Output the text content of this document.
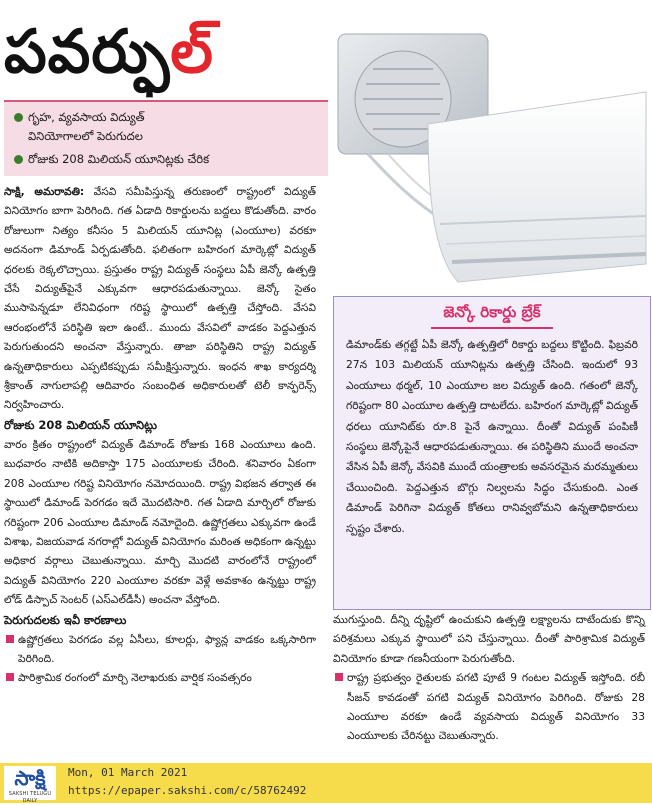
పవర్ఫుల్
గృహ, వ్యవసాయ విద్యుత్
వినియోగాలలో పెరుగుదల
రోజుకు 208 మిలియన్ యూనిట్లకు చేరిక

సాక్షి, అమరావతి: వేసవి సమీపిస్తున్న తరుణంలో రాష్ట్రంలో విద్యుత్ వినియోగం బాగా పెరిగింది. గత ఏడాది రికార్డులను బద్దలు కొడుతోంది. వారం రోజులుగా నిత్యం కనీసం 5 మిలియన్ యూనిట్ల (ఎంయూల) వరకూ అదనంగా డిమాండ్ ఏర్పడుతోంది. ఫలితంగా బహిరంగ మార్కెట్లో విద్యుత్ ధరలకు రెక్కలొచ్చాయి. ప్రస్తుతం రాష్ట్ర విద్యుత్ సంస్థలు ఏపీ జెన్కో ఉత్పత్తి చేసే విద్యుత్‌పైనే ఎక్కువగా ఆధారపడుతున్నాయి. జెన్కో సైతం ముసాపెన్నడూ లేనివిధంగా గరిష్ట స్థాయిలో ఉత్పత్తి చేస్తోంది. వేసవి ఆరంభంలోనే పరిస్థితి ఇలా ఉంటే.. ముందు వేసవిలో వాడకం పెద్దఎత్తున పెరుగుతుందని అంచనా వేస్తున్నారు. తాజా పరిస్థితిని రాష్ట్ర విద్యుత్ ఉన్నతాధికారులు ఎప్పటికప్పుడు సమీక్షిస్తున్నారు. ఇంధన శాఖ కార్యదర్శి శ్రీకాంత్ నాగులాపల్లి ఆదివారం సంబంధిత అధికారులతో టెలీ కాన్ఫరెన్స్ నిర్వహించారు.

రోజుకు 208 మిలియన్ యూనిట్లు

వారం క్రితం రాష్ట్రంలో విద్యుత్ డిమాండ్ రోజుకు 168 ఎంయూలు ఉంది. బుధవారం నాటికి అదికాస్తా 175 ఎంయూలకు చేరింది. శనివారం ఏకంగా 208 ఎంయూల గరిష్ట వినియోగం నమోదయింది. రాష్ట్ర విభజన తర్వాత ఈ స్థాయిలో డిమాండ్ పెరగడం ఇదే మొదటిసారి. గత ఏడాది మార్చిలో రోజుకు గరిష్టంగా 206 ఎంయూల డిమాండ్ నమోదైంది. ఉష్ణోగ్రతలు ఎక్కువగా ఉండే విశాఖ, విజయవాడ నగరాల్లో విద్యుత్ వినియోగం మరింత అధికంగా ఉన్నట్టు అధికార వర్గాలు చెబుతున్నాయి. మార్చి మొదటి వారంలోనే రాష్ట్రంలో విద్యుత్ వినియోగం 220 ఎంయూల వరకూ వెళ్లే అవకాశం ఉన్నట్టు రాష్ట్ర లోడ్ డిస్పాచ్ సెంటర్ (ఎస్ఎల్‌డీసీ) అంచనా వేస్తోంది.

పెరుగుదలకు ఇవీ కారణాలు

ఉష్ణోగ్రతలు పెరగడం వల్ల ఏసీలు, కూలర్లు, ఫ్యాన్ల వాడకం ఒక్కసారిగా పెరిగింది.

పారిశ్రామిక రంగంలో మార్చి నెలాఖరుకు వార్షిక సంవత్సరం

జెన్కో రికార్డు బ్రేక్
డిమాండ్‌కు తగ్గట్టే ఏపీ జెన్కో ఉత్పత్తిలో రికార్డు బద్దలు కొట్టింది. ఫిబ్రవరి 27న 103 మిలియన్ యూనిట్లను ఉత్పత్తి చేసింది. ఇందులో 93 ఎంయూలు థర్మల్, 10 ఎంయూల జల విద్యుత్ ఉంది. గతంలో జెన్కో గరిష్టంగా 80 ఎంయూల ఉత్పత్తి దాటలేదు. బహిరంగ మార్కెట్లో విద్యుత్ ధరలు యూనిట్‌కు రూ.8 పైనే ఉన్నాయి. దీంతో విద్యుత్ పంపిణీ సంస్థలు జెన్కోపైనే ఆధారపడుతున్నాయి. ఈ పరిస్థితిని ముందే అంచనా వేసిన ఏపీ జెన్కో వేసవికి ముందే యంత్రాలకు అవసరమైన మరమ్మతులు చేయించింది. పెద్దఎత్తున బొగ్గు నిల్వలను సిద్ధం చేసుకుంది. ఎంత డిమాండ్ పెరిగినా విద్యుత్ కోతలు రానివ్వబోమని ఉన్నతాధికారులు స్పష్టం చేశారు.

ముగుస్తుంది. దీన్ని దృష్టిలో ఉంచుకుని ఉత్పత్తి లక్ష్యాలను దాటేందుకు కొన్ని పరిశ్రమలు ఎక్కువ స్థాయిలో పని చేస్తున్నాయి. దీంతో పారిశ్రామిక విద్యుత్ వినియోగం కూడా గణనీయంగా పెరుగుతోంది.

రాష్ట్ర ప్రభుత్వం రైతులకు పగటి పూటే 9 గంటల విద్యుత్ ఇస్తోంది. రబీ సీజన్ కావడంతో పగటి విద్యుత్ వినియోగం పెరిగింది. రోజుకు 28 ఎంయూల వరకూ ఉండే వ్యవసాయ విద్యుత్ వినియోగం 33 ఎంయూలకు చేరినట్టు చెబుతున్నారు.

సాక్షి
SAKSHI TELUGU DAILY
Mon, 01 March 2021
https://epaper.sakshi.com/c/58762492
